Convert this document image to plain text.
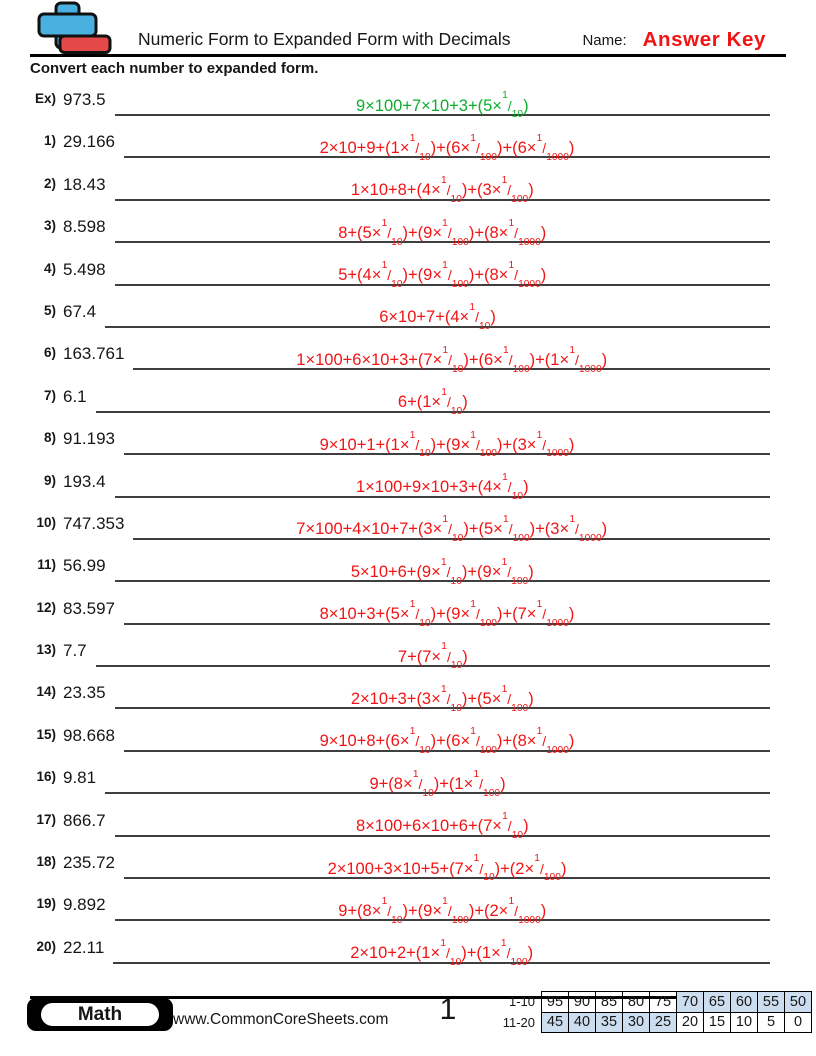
Numeric Form to Expanded Form with Decimals	Name: Answer Key
Convert each number to expanded form.
Ex) 973.5	$9\times 100+7\times 10+3+(5\times^1/_{10})$
1) 29.166	$2\times 10+9+(1\times^1/_{10})+(6\times^1/_{100})+(6\times^1/_{1000})$
2) 18.43	$1\times 10+8+(4\times^1/_{10})+(3\times^1/_{100})$
3) 8.598	$8+(5\times^1/_{10})+(9\times^1/_{100})+(8\times^1/_{1000})$
4) 5.498	$5+(4\times^1/_{10})+(9\times^1/_{100})+(8\times^1/_{1000})$
5) 67.4	$6\times 10+7+(4\times^1/_{10})$
6) 163.761	$1\times 100+6\times 10+3+(7\times^1/_{10})+(6\times^1/_{100})+(1\times^1/_{1000})$
7) 6.1	$6+(1\times^1/_{10})$
8) 91.193	$9\times 10+1+(1\times^1/_{10})+(9\times^1/_{100})+(3\times^1/_{1000})$
9) 193.4	$1\times 100+9\times 10+3+(4\times^1/_{10})$
10) 747.353	$7\times 100+4\times 10+7+(3\times^1/_{10})+(5\times^1/_{100})+(3\times^1/_{1000})$
11) 56.99	$5\times 10+6+(9\times^1/_{10})+(9\times^1/_{100})$
12) 83.597	$8\times 10+3+(5\times^1/_{10})+(9\times^1/_{100})+(7\times^1/_{1000})$
13) 7.7	$7+(7\times^1/_{10})$
14) 23.35	$2\times 10+3+(3\times^1/_{10})+(5\times^1/_{100})$
15) 98.668	$9\times 10+8+(6\times^1/_{10})+(6\times^1/_{100})+(8\times^1/_{1000})$
16) 9.81	$9+(8\times^1/_{10})+(1\times^1/_{100})$
17) 866.7	$8\times 100+6\times 10+6+(7\times^1/_{10})$
18) 235.72	$2\times 100+3\times 10+5+(7\times^1/_{10})+(2\times^1/_{100})$
19) 9.892	$9+(8\times^1/_{10})+(9\times^1/_{100})+(2\times^1/_{1000})$
20) 22.11	$2\times 10+2+(1\times^1/_{10})+(1\times^1/_{100})$
Math	www.CommonCoreSheets.com	1	1-10	95	90	85	80	75	70	65	60	55	50
11-20	45	40	35	30	25	20	15	10	5	0
